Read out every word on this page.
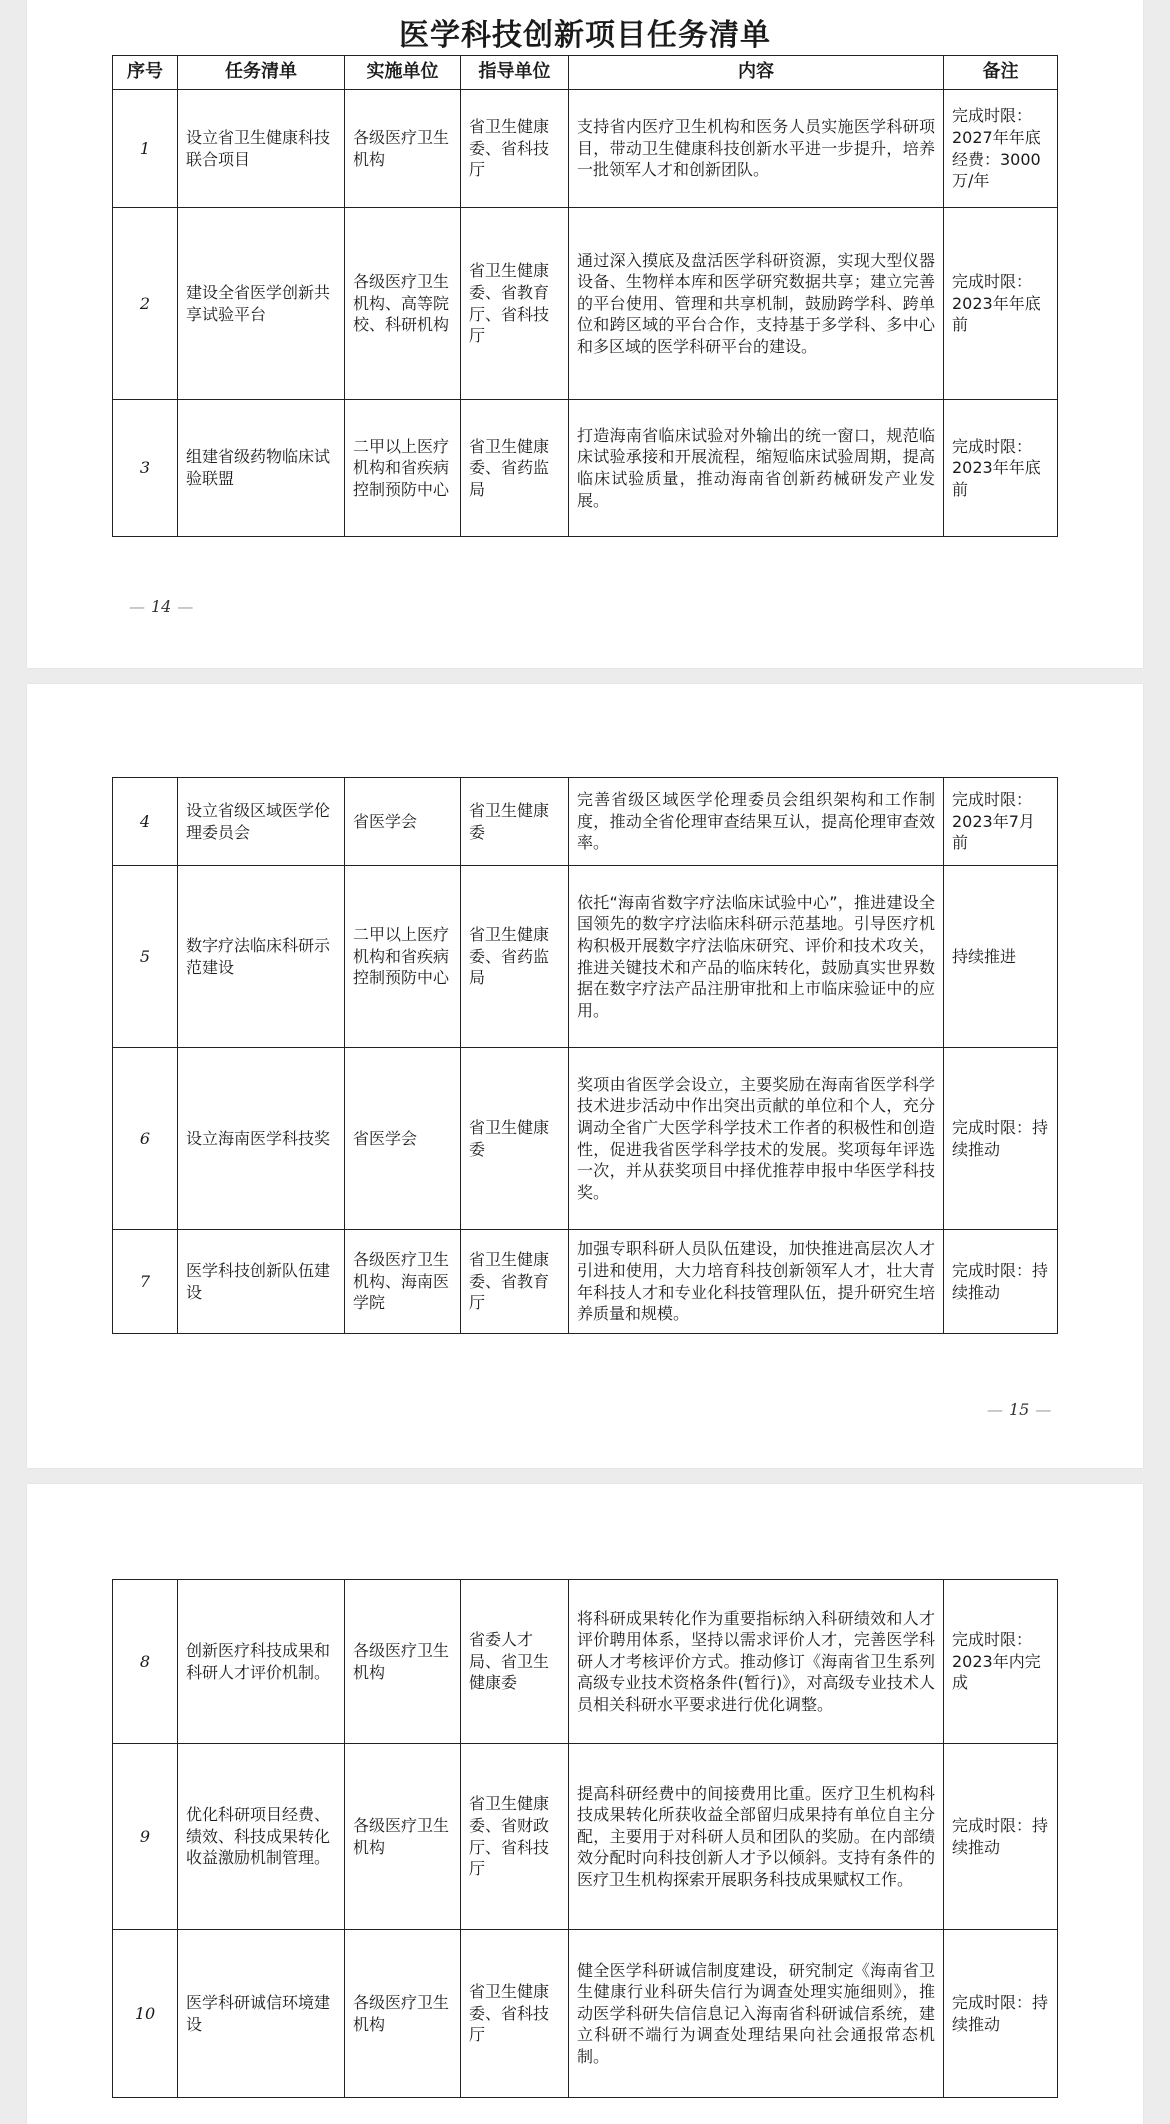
医学科技创新项目任务清单
序号	任务清单	实施单位	指导单位	内容	备注
1	设立省卫生健康科技联合项目	各级医疗卫生机构	省卫生健康委、省科技厅	支持省内医疗卫生机构和医务人员实施医学科研项目，带动卫生健康科技创新水平进一步提升，培养一批领军人才和创新团队。	完成时限：2027年年底经费：3000万/年
2	建设全省医学创新共享试验平台	各级医疗卫生机构、高等院校、科研机构	省卫生健康委、省教育厅、省科技厅	通过深入摸底及盘活医学科研资源，实现大型仪器设备、生物样本库和医学研究数据共享；建立完善的平台使用、管理和共享机制，鼓励跨学科、跨单位和跨区域的平台合作，支持基于多学科、多中心和多区域的医学科研平台的建设。	完成时限：2023年年底前
3	组建省级药物临床试验联盟	二甲以上医疗机构和省疾病控制预防中心	省卫生健康委、省药监局	打造海南省临床试验对外输出的统一窗口，规范临床试验承接和开展流程，缩短临床试验周期，提高临床试验质量，推动海南省创新药械研发产业发展。	完成时限：2023年年底前
— 14 —
4	设立省级区域医学伦理委员会	省医学会	省卫生健康委	完善省级区域医学伦理委员会组织架构和工作制度，推动全省伦理审查结果互认，提高伦理审查效率。	完成时限：2023年7月前
5	数字疗法临床科研示范建设	二甲以上医疗机构和省疾病控制预防中心	省卫生健康委、省药监局	依托“海南省数字疗法临床试验中心”，推进建设全国领先的数字疗法临床科研示范基地。引导医疗机构积极开展数字疗法临床研究、评价和技术攻关，推进关键技术和产品的临床转化，鼓励真实世界数据在数字疗法产品注册审批和上市临床验证中的应用。	持续推进
6	设立海南医学科技奖	省医学会	省卫生健康委	奖项由省医学会设立，主要奖励在海南省医学科学技术进步活动中作出突出贡献的单位和个人，充分调动全省广大医学科学技术工作者的积极性和创造性，促进我省医学科学技术的发展。奖项每年评选一次，并从获奖项目中择优推荐申报中华医学科技奖。	完成时限：持续推动
7	医学科技创新队伍建设	各级医疗卫生机构、海南医学院	省卫生健康委、省教育厅	加强专职科研人员队伍建设，加快推进高层次人才引进和使用，大力培育科技创新领军人才，壮大青年科技人才和专业化科技管理队伍，提升研究生培养质量和规模。	完成时限：持续推动
— 15 —
8	创新医疗科技成果和科研人才评价机制。	各级医疗卫生机构	省委人才局、省卫生健康委	将科研成果转化作为重要指标纳入科研绩效和人才评价聘用体系，坚持以需求评价人才，完善医学科研人才考核评价方式。推动修订《海南省卫生系列高级专业技术资格条件(暂行)》，对高级专业技术人员相关科研水平要求进行优化调整。	完成时限：2023年内完成
9	优化科研项目经费、绩效、科技成果转化收益激励机制管理。	各级医疗卫生机构	省卫生健康委、省财政厅、省科技厅	提高科研经费中的间接费用比重。医疗卫生机构科技成果转化所获收益全部留归成果持有单位自主分配，主要用于对科研人员和团队的奖励。在内部绩效分配时向科技创新人才予以倾斜。支持有条件的医疗卫生机构探索开展职务科技成果赋权工作。	完成时限：持续推动
10	医学科研诚信环境建设	各级医疗卫生机构	省卫生健康委、省科技厅	健全医学科研诚信制度建设，研究制定《海南省卫生健康行业科研失信行为调查处理实施细则》，推动医学科研失信信息记入海南省科研诚信系统，建立科研不端行为调查处理结果向社会通报常态机制。	完成时限：持续推动
